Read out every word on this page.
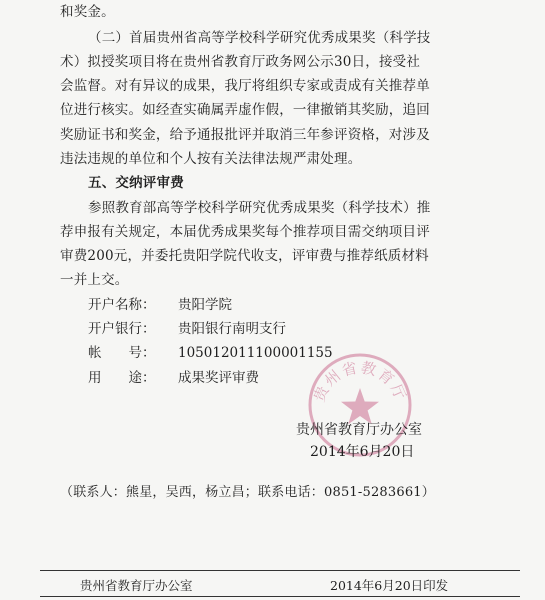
和奖金。
（二）首届贵州省高等学校科学研究优秀成果奖（科学技
术）拟授奖项目将在贵州省教育厅政务网公示30日，接受社
会监督。对有异议的成果，我厅将组织专家或责成有关推荐单
位进行核实。如经查实确属弄虚作假，一律撤销其奖励，追回
奖励证书和奖金，给予通报批评并取消三年参评资格，对涉及
违法违规的单位和个人按有关法律法规严肃处理。
五、交纳评审费
参照教育部高等学校科学研究优秀成果奖（科学技术）推
荐申报有关规定，本届优秀成果奖每个推荐项目需交纳项目评
审费200元，并委托贵阳学院代收支，评审费与推荐纸质材料
一并上交。
开户名称： 贵阳学院
开户银行： 贵阳银行南明支行
帐　　号： 105012011100001155
用　　途： 成果奖评审费
贵州省教育厅
贵州省教育厅办公室
2014年6月20日
（联系人：熊星，吴西，杨立昌；联系电话：0851-5283661）
贵州省教育厅办公室	2014年6月20日印发
